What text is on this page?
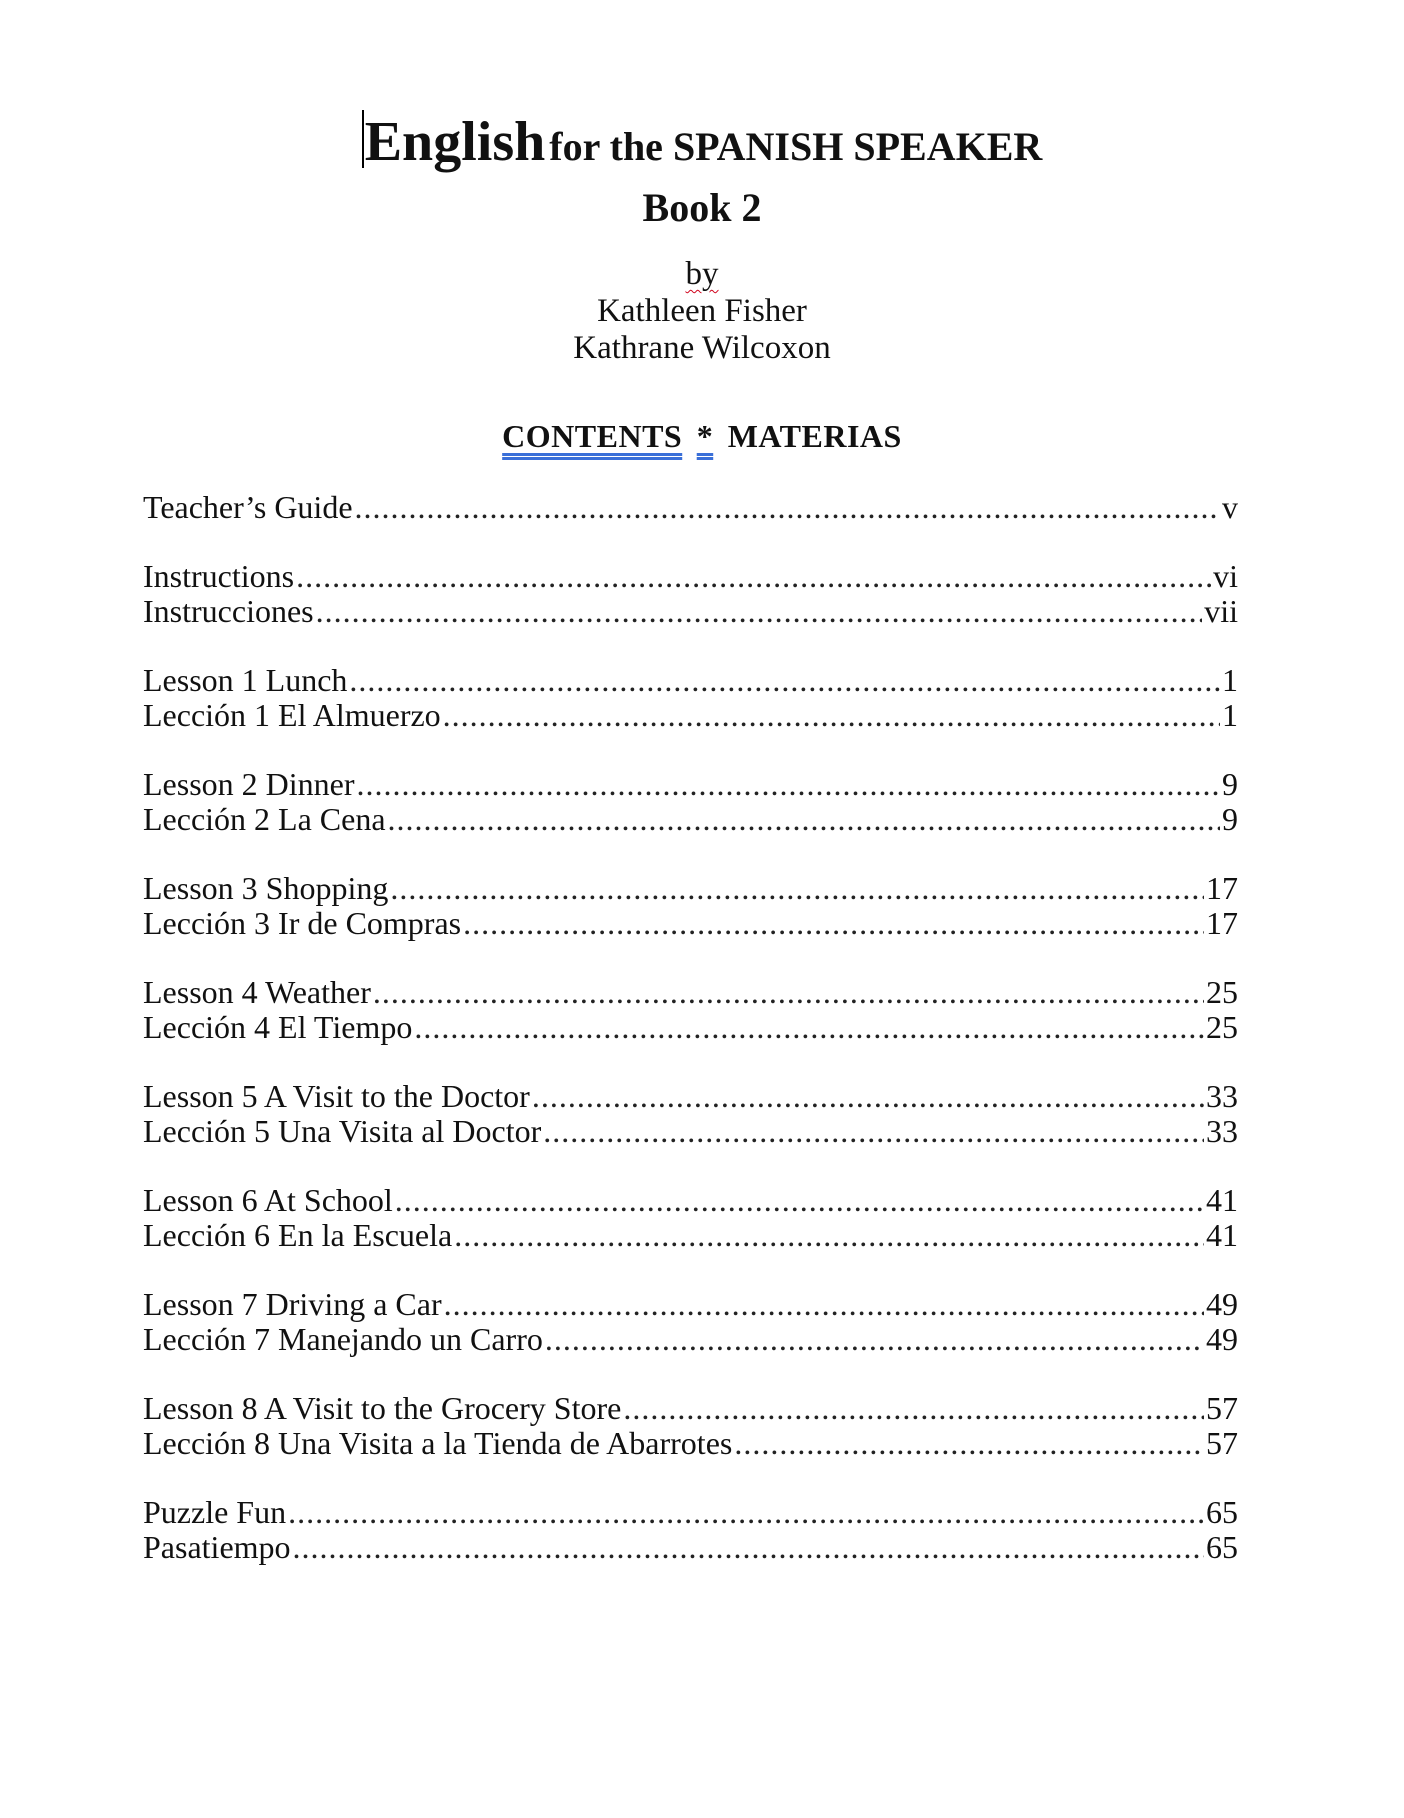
English for the SPANISH SPEAKER
Book 2
by
Kathleen Fisher
Kathrane Wilcoxon
CONTENTS * MATERIAS
Teacher’s Guide .....	v
Instructions .....	vi
Instrucciones .....	vii
Lesson 1 Lunch .....	1
Lección 1 El Almuerzo .....	1
Lesson 2 Dinner .....	9
Lección 2 La Cena .....	9
Lesson 3 Shopping .....	17
Lección 3 Ir de Compras .....	17
Lesson 4 Weather .....	25
Lección 4 El Tiempo .....	25
Lesson 5 A Visit to the Doctor .....	33
Lección 5 Una Visita al Doctor .....	33
Lesson 6 At School .....	41
Lección 6 En la Escuela .....	41
Lesson 7 Driving a Car .....	49
Lección 7 Manejando un Carro .....	49
Lesson 8 A Visit to the Grocery Store .....	57
Lección 8 Una Visita a la Tienda de Abarrotes .....	57
Puzzle Fun .....	65
Pasatiempo .....	65
